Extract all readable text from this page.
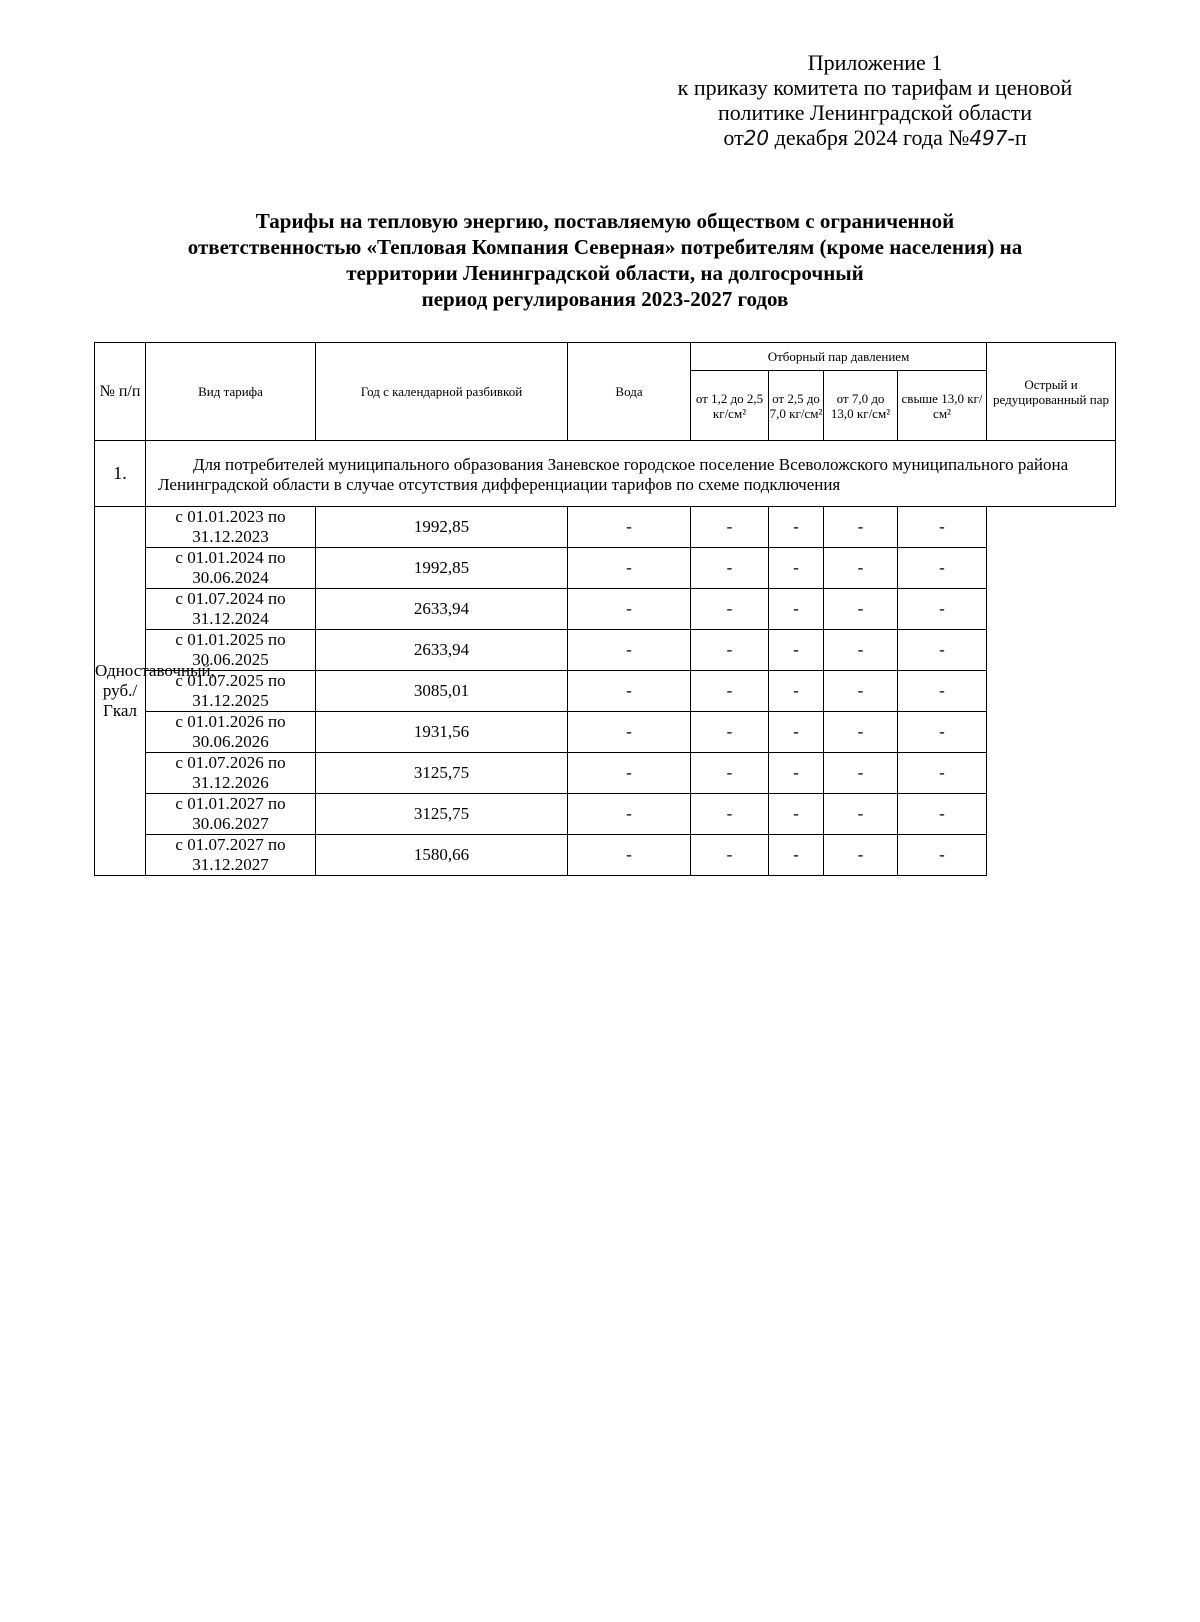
Приложение 1
к приказу комитета по тарифам и ценовой
политике Ленинградской области
от20 декабря 2024 года №497-п
Тарифы на тепловую энергию, поставляемую обществом с ограниченной
ответственностью «Тепловая Компания Северная» потребителям (кроме населения) на
территории Ленинградской области, на долгосрочный
период регулирования 2023-2027 годов
№ п/п	Вид тарифа	Год с календарной разбивкой	Вода	Отборный пар давлением				Острый и редуцированный пар
				от 1,2 до 2,5 кг/см²	от 2,5 до 7,0 кг/см²	от 7,0 до 13,0 кг/см²	свыше 13,0 кг/см²	
1.	Для потребителей муниципального образования Заневское городское поселение Всеволожского муниципального района Ленинградской области в случае отсутствия дифференциации тарифов по схеме подключения							
Одноставочный, руб./Гкал	с 01.01.2023 по 31.12.2023	1992,85	-	-	-	-	-	
	с 01.01.2024 по 30.06.2024	1992,85	-	-	-	-	-	
	с 01.07.2024 по 31.12.2024	2633,94	-	-	-	-	-	
	с 01.01.2025 по 30.06.2025	2633,94	-	-	-	-	-	
	с 01.07.2025 по 31.12.2025	3085,01	-	-	-	-	-	
	с 01.01.2026 по 30.06.2026	1931,56	-	-	-	-	-	
	с 01.07.2026 по 31.12.2026	3125,75	-	-	-	-	-	
	с 01.01.2027 по 30.06.2027	3125,75	-	-	-	-	-	
	с 01.07.2027 по 31.12.2027	1580,66	-	-	-	-	-	
